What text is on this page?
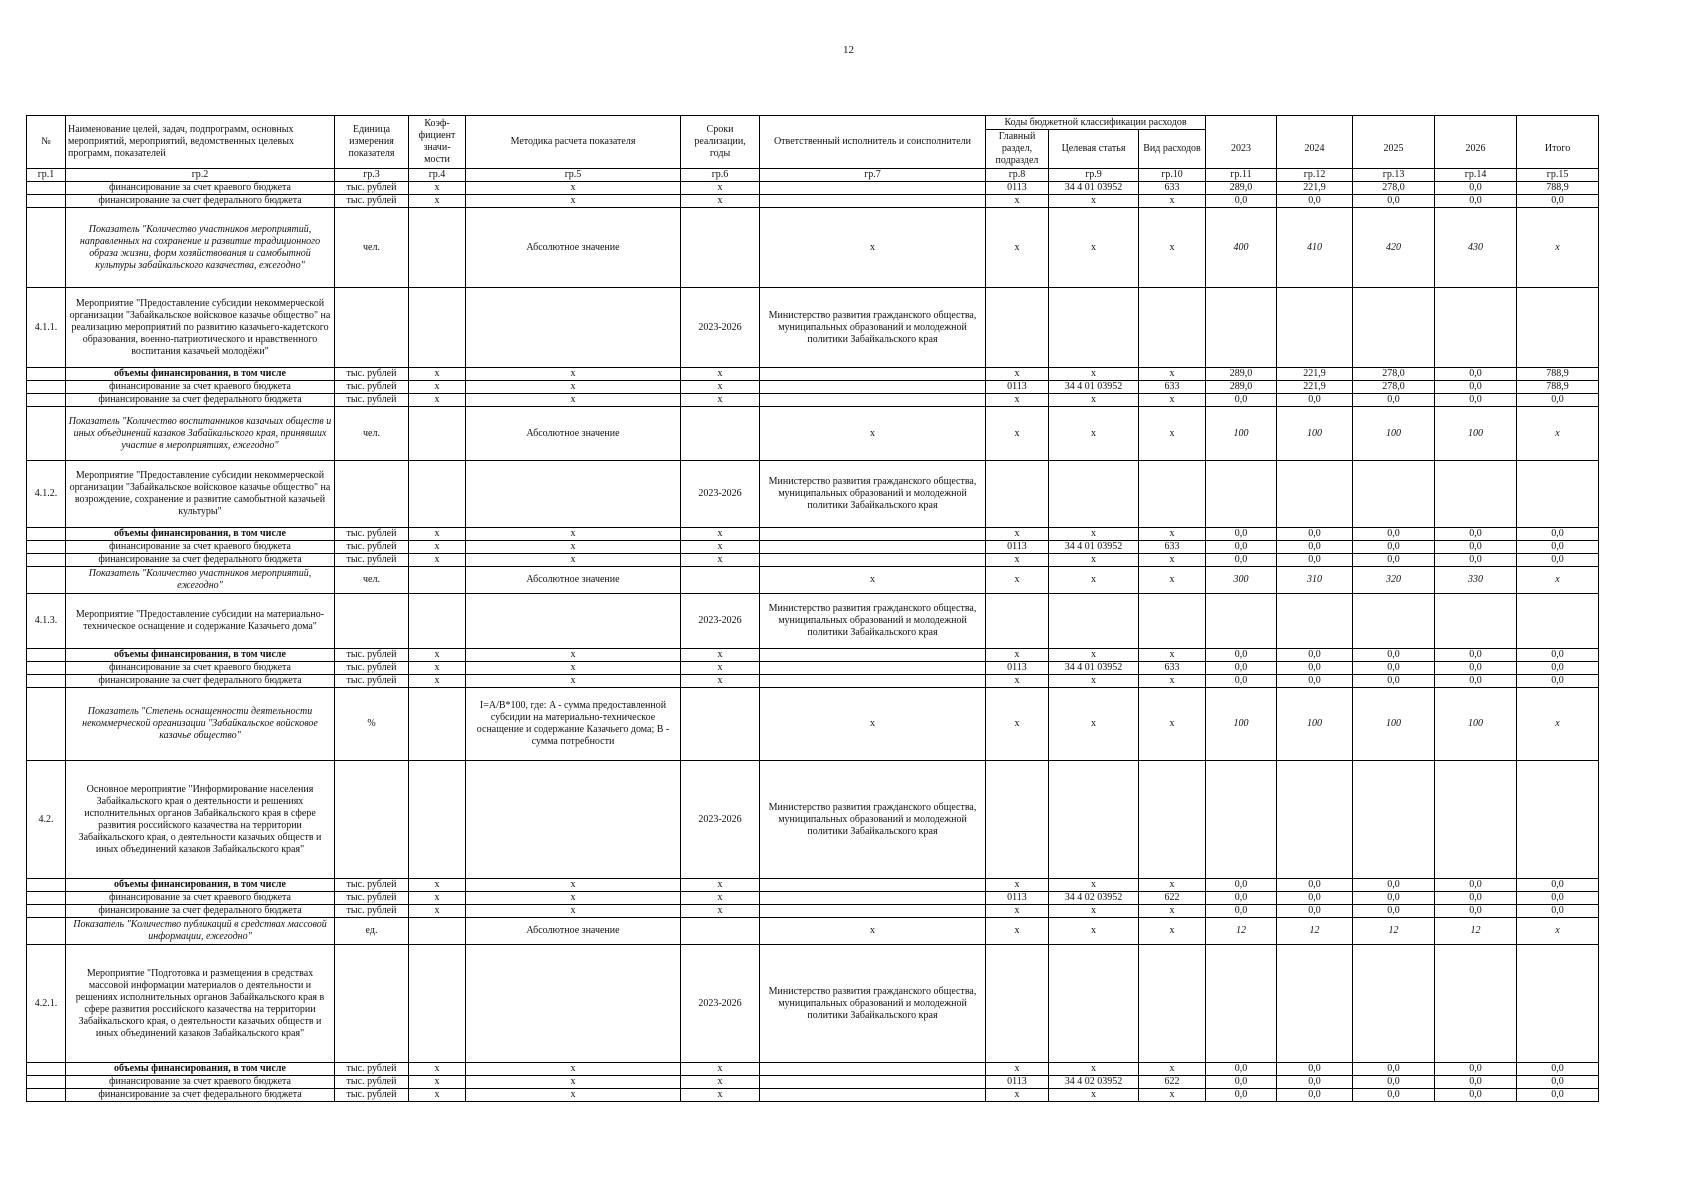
12
№	Наименование целей, задач, подпрограмм, основных мероприятий, мероприятий, ведомственных целевых программ, показателей	Единица измерения показателя	Коэф-фициент значи-мости	Методика расчета показателя	Сроки реализации, годы	Ответственный исполнитель и соисполнители	Коды бюджетной классификации расходов							
							Главный раздел, подраздел	Целевая статья	Вид расходов	2023	2024	2025	2026	Итого
гр.1	гр.2	гр.3	гр.4	гр.5	гр.6	гр.7	гр.8	гр.9	гр.10	гр.11	гр.12	гр.13	гр.14	гр.15
	финансирование за счет краевого бюджета	тыс. рублей	х	х	х		0113	34 4 01 03952	633	289,0	221,9	278,0	0,0	788,9
	финансирование за счет федерального бюджета	тыс. рублей	х	х	х		х	х	х	0,0	0,0	0,0	0,0	0,0
	Показатель "Количество участников мероприятий, направленных на сохранение и развитие традиционного образа жизни, форм хозяйствования и самобытной культуры забайкальского казачества, ежегодно"	чел.		Абсолютное значение		х	х	х	х	400	410	420	430	х
4.1.1.	Мероприятие "Предоставление субсидии некоммерческой организации "Забайкальское войсковое казачье общество" на реализацию мероприятий по развитию казачьего-кадетского образования, военно-патриотического и нравственного воспитания казачьей молодёжи"				2023-2026	Министерство развития гражданского общества, муниципальных образований и молодежной политики Забайкальского края								
	объемы финансирования, в том числе	тыс. рублей	х	х	х		х	х	х	289,0	221,9	278,0	0,0	788,9
	финансирование за счет краевого бюджета	тыс. рублей	х	х	х		0113	34 4 01 03952	633	289,0	221,9	278,0	0,0	788,9
	финансирование за счет федерального бюджета	тыс. рублей	х	х	х		х	х	х	0,0	0,0	0,0	0,0	0,0
	Показатель "Количество воспитанников казачьих обществ и иных объединений казаков Забайкальского края, принявших участие в мероприятиях, ежегодно"	чел.		Абсолютное значение		х	х	х	х	100	100	100	100	х
4.1.2.	Мероприятие "Предоставление субсидии некоммерческой организации "Забайкальское войсковое казачье общество" на возрождение, сохранение и развитие самобытной казачьей культуры"				2023-2026	Министерство развития гражданского общества, муниципальных образований и молодежной политики Забайкальского края								
	объемы финансирования, в том числе	тыс. рублей	х	х	х		х	х	х	0,0	0,0	0,0	0,0	0,0
	финансирование за счет краевого бюджета	тыс. рублей	х	х	х		0113	34 4 01 03952	633	0,0	0,0	0,0	0,0	0,0
	финансирование за счет федерального бюджета	тыс. рублей	х	х	х		х	х	х	0,0	0,0	0,0	0,0	0,0
	Показатель "Количество участников мероприятий, ежегодно"	чел.		Абсолютное значение		х	х	х	х	300	310	320	330	х
4.1.3.	Мероприятие "Предоставление субсидии на материально-техническое оснащение и содержание Казачьего дома"				2023-2026	Министерство развития гражданского общества, муниципальных образований и молодежной политики Забайкальского края								
	объемы финансирования, в том числе	тыс. рублей	х	х	х		х	х	х	0,0	0,0	0,0	0,0	0,0
	финансирование за счет краевого бюджета	тыс. рублей	х	х	х		0113	34 4 01 03952	633	0,0	0,0	0,0	0,0	0,0
	финансирование за счет федерального бюджета	тыс. рублей	х	х	х		х	х	х	0,0	0,0	0,0	0,0	0,0
	Показатель "Степень оснащенности деятельности некоммерческой организации "Забайкальское войсковое казачье общество"	%		I=A/B*100, где: A - сумма предоставленной субсидии на материально-техническое оснащение и содержание Казачьего дома; В - сумма потребности		х	х	х	х	100	100	100	100	х
4.2.	Основное мероприятие "Информирование населения Забайкальского края о деятельности и решениях исполнительных органов Забайкальского края в сфере развития российского казачества на территории Забайкальского края, о деятельности казачьих обществ и иных объединений казаков Забайкальского края"				2023-2026	Министерство развития гражданского общества, муниципальных образований и молодежной политики Забайкальского края								
	объемы финансирования, в том числе	тыс. рублей	х	х	х		х	х	х	0,0	0,0	0,0	0,0	0,0
	финансирование за счет краевого бюджета	тыс. рублей	х	х	х		0113	34 4 02 03952	622	0,0	0,0	0,0	0,0	0,0
	финансирование за счет федерального бюджета	тыс. рублей	х	х	х		х	х	х	0,0	0,0	0,0	0,0	0,0
	Показатель "Количество публикаций в средствах массовой информации, ежегодно"	ед.		Абсолютное значение		х	х	х	х	12	12	12	12	х
4.2.1.	Мероприятие "Подготовка и размещения в средствах массовой информации материалов о деятельности и решениях исполнительных органов Забайкальского края в сфере развития российского казачества на территории Забайкальского края, о деятельности казачьих обществ и иных объединений казаков Забайкальского края"				2023-2026	Министерство развития гражданского общества, муниципальных образований и молодежной политики Забайкальского края								
	объемы финансирования, в том числе	тыс. рублей	х	х	х		х	х	х	0,0	0,0	0,0	0,0	0,0
	финансирование за счет краевого бюджета	тыс. рублей	х	х	х		0113	34 4 02 03952	622	0,0	0,0	0,0	0,0	0,0
	финансирование за счет федерального бюджета	тыс. рублей	х	х	х		х	х	х	0,0	0,0	0,0	0,0	0,0
